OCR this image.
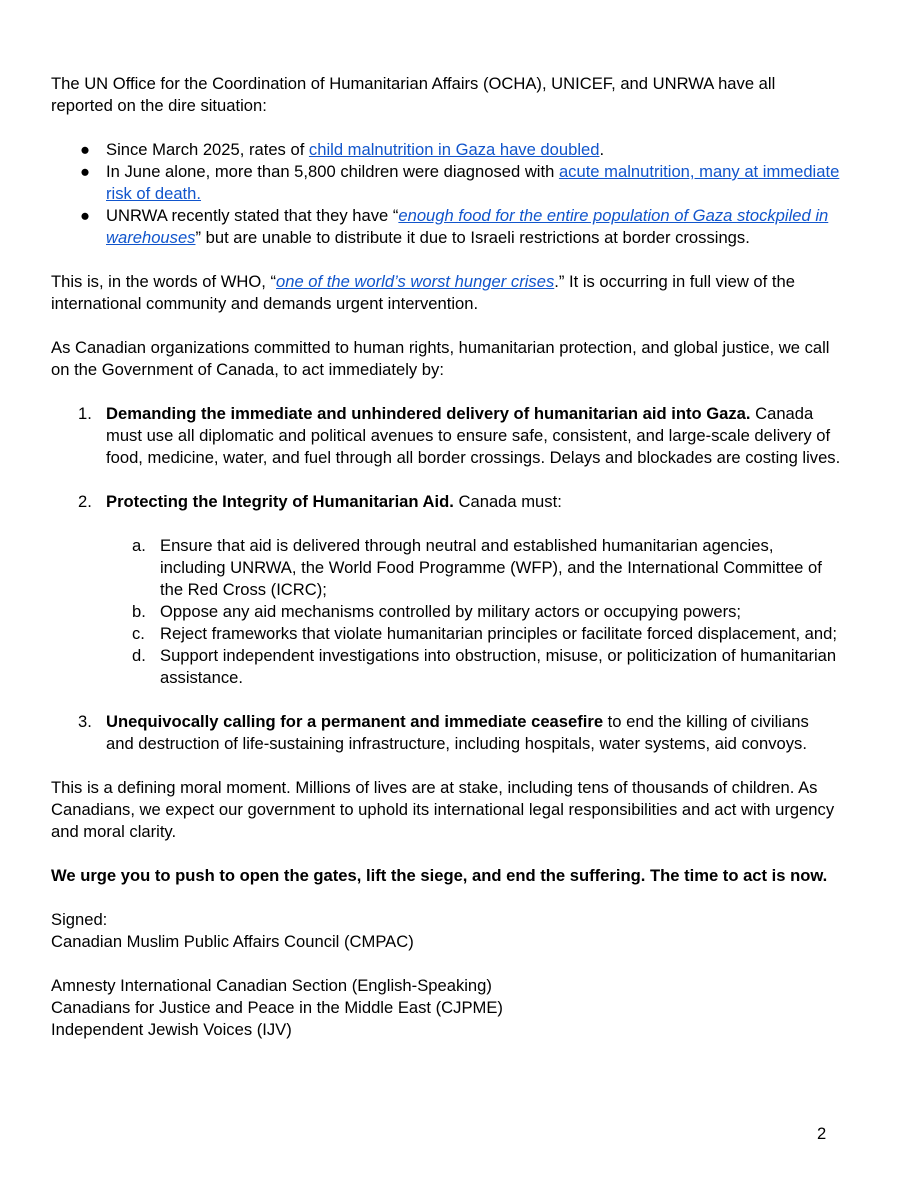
The UN Office for the Coordination of Humanitarian Affairs (OCHA), UNICEF, and UNRWA have all reported on the dire situation:

● Since March 2025, rates of child malnutrition in Gaza have doubled.
● In June alone, more than 5,800 children were diagnosed with acute malnutrition, many at immediate risk of death.
● UNRWA recently stated that they have “enough food for the entire population of Gaza stockpiled in warehouses” but are unable to distribute it due to Israeli restrictions at border crossings.

This is, in the words of WHO, “one of the world’s worst hunger crises.” It is occurring in full view of the international community and demands urgent intervention.

As Canadian organizations committed to human rights, humanitarian protection, and global justice, we call on the Government of Canada, to act immediately by:

1. Demanding the immediate and unhindered delivery of humanitarian aid into Gaza. Canada must use all diplomatic and political avenues to ensure safe, consistent, and large-scale delivery of food, medicine, water, and fuel through all border crossings. Delays and blockades are costing lives.
2. Protecting the Integrity of Humanitarian Aid. Canada must:
a. Ensure that aid is delivered through neutral and established humanitarian agencies, including UNRWA, the World Food Programme (WFP), and the International Committee of the Red Cross (ICRC);
b. Oppose any aid mechanisms controlled by military actors or occupying powers;
c. Reject frameworks that violate humanitarian principles or facilitate forced displacement, and;
d. Support independent investigations into obstruction, misuse, or politicization of humanitarian assistance.
3. Unequivocally calling for a permanent and immediate ceasefire to end the killing of civilians and destruction of life-sustaining infrastructure, including hospitals, water systems, aid convoys.

This is a defining moral moment. Millions of lives are at stake, including tens of thousands of children. As Canadians, we expect our government to uphold its international legal responsibilities and act with urgency and moral clarity.

We urge you to push to open the gates, lift the siege, and end the suffering. The time to act is now.

Signed:

Canadian Muslim Public Affairs Council (CMPAC)

Amnesty International Canadian Section (English-Speaking)

Canadians for Justice and Peace in the Middle East (CJPME)

Independent Jewish Voices (IJV)

2
